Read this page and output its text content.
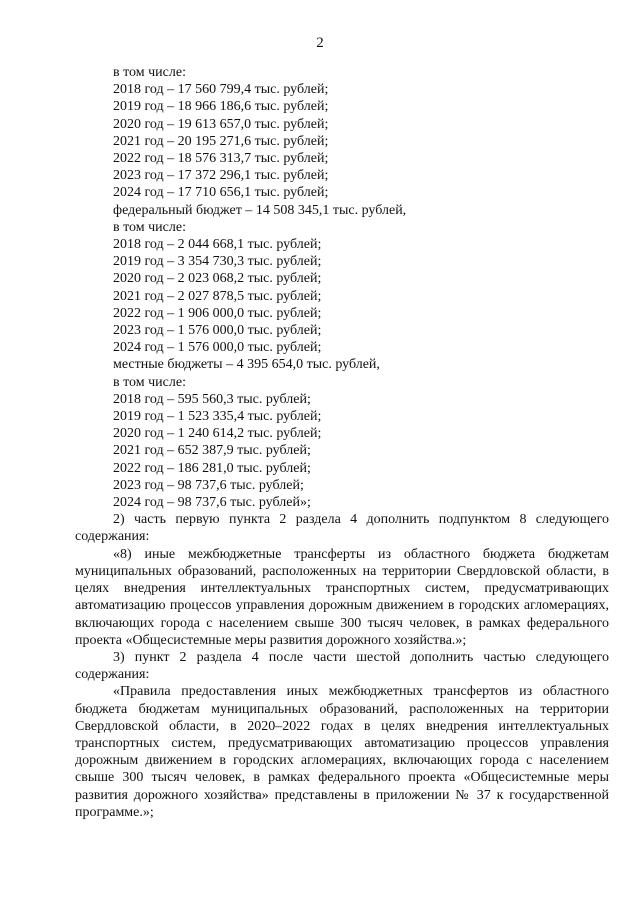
2
в том числе:
2018 год – 17 560 799,4 тыс. рублей;
2019 год – 18 966 186,6 тыс. рублей;
2020 год – 19 613 657,0 тыс. рублей;
2021 год – 20 195 271,6 тыс. рублей;
2022 год – 18 576 313,7 тыс. рублей;
2023 год – 17 372 296,1 тыс. рублей;
2024 год – 17 710 656,1 тыс. рублей;
федеральный бюджет – 14 508 345,1 тыс. рублей,
в том числе:
2018 год – 2 044 668,1 тыс. рублей;
2019 год – 3 354 730,3 тыс. рублей;
2020 год – 2 023 068,2 тыс. рублей;
2021 год – 2 027 878,5 тыс. рублей;
2022 год – 1 906 000,0 тыс. рублей;
2023 год – 1 576 000,0 тыс. рублей;
2024 год – 1 576 000,0 тыс. рублей;
местные бюджеты – 4 395 654,0 тыс. рублей,
в том числе:
2018 год – 595 560,3 тыс. рублей;
2019 год – 1 523 335,4 тыс. рублей;
2020 год – 1 240 614,2 тыс. рублей;
2021 год – 652 387,9 тыс. рублей;
2022 год – 186 281,0 тыс. рублей;
2023 год – 98 737,6 тыс. рублей;
2024 год – 98 737,6 тыс. рублей»;
2) часть первую пункта 2 раздела 4 дополнить подпунктом 8 следующего содержания:
«8) иные межбюджетные трансферты из областного бюджета бюджетам муниципальных образований, расположенных на территории Свердловской области, в целях внедрения интеллектуальных транспортных систем, предусматривающих автоматизацию процессов управления дорожным движением в городских агломерациях, включающих города с населением свыше 300 тысяч человек, в рамках федерального проекта «Общесистемные меры развития дорожного хозяйства.»;
3) пункт 2 раздела 4 после части шестой дополнить частью следующего содержания:
«Правила предоставления иных межбюджетных трансфертов из областного бюджета бюджетам муниципальных образований, расположенных на территории Свердловской области, в 2020–2022 годах в целях внедрения интеллектуальных транспортных систем, предусматривающих автоматизацию процессов управления дорожным движением в городских агломерациях, включающих города с населением свыше 300 тысяч человек, в рамках федерального проекта «Общесистемные меры развития дорожного хозяйства» представлены в приложении № 37 к государственной программе.»;
